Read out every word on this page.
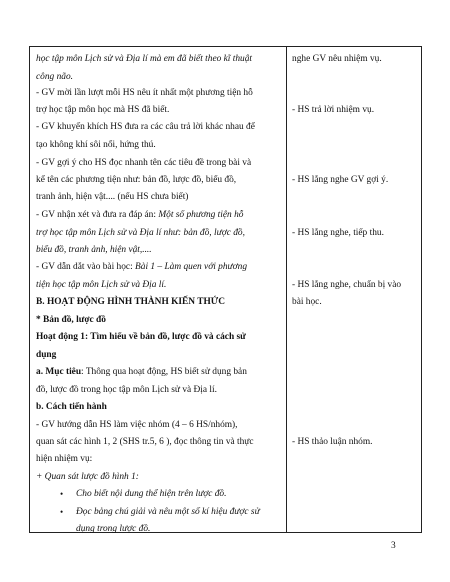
học tập môn Lịch sử và Địa lí mà em đã biết theo kĩ thuật
công não.
- GV mời lần lượt mỗi HS nêu ít nhất một phương tiện hỗ
trợ học tập môn học mà HS đã biết.
- GV khuyến khích HS đưa ra các câu trả lời khác nhau để
tạo không khí sôi nổi, hứng thú.
- GV gợi ý cho HS đọc nhanh tên các tiêu đề trong bài và
kể tên các phương tiện như: bản đồ, lược đồ, biểu đồ,
tranh ảnh, hiện vật.... (nếu HS chưa biết)
- GV nhận xét và đưa ra đáp án: Một số phương tiện hỗ
trợ học tập môn Lịch sử và Địa lí như: bản đồ, lược đồ,
biểu đồ, tranh ảnh, hiện vật,....
- GV dẫn dắt vào bài học: Bài 1 – Làm quen với phương
tiện học tập môn Lịch sử và Địa lí.
B. HOẠT ĐỘNG HÌNH THÀNH KIẾN THỨC
* Bản đồ, lược đồ
Hoạt động 1: Tìm hiểu về bản đồ, lược đồ và cách sử
dụng
a. Mục tiêu: Thông qua hoạt động, HS biết sử dụng bản
đồ, lược đồ trong học tập môn Lịch sử và Địa lí.
b. Cách tiến hành
- GV hướng dẫn HS làm việc nhóm (4 – 6 HS/nhóm),
quan sát các hình 1, 2 (SHS tr.5, 6 ), đọc thông tin và thực
hiện nhiệm vụ:
+ Quan sát lược đồ hình 1:
• Cho biết nội dung thể hiện trên lược đồ.
• Đọc bảng chú giải và nêu một số kí hiệu được sử
dụng trong lược đồ.
nghe GV nêu nhiệm vụ.
- HS trả lời nhiệm vụ.
- HS lắng nghe GV gợi ý.
- HS lắng nghe, tiếp thu.
- HS lắng nghe, chuẩn bị vào
bài học.
- HS thảo luận nhóm.
3
